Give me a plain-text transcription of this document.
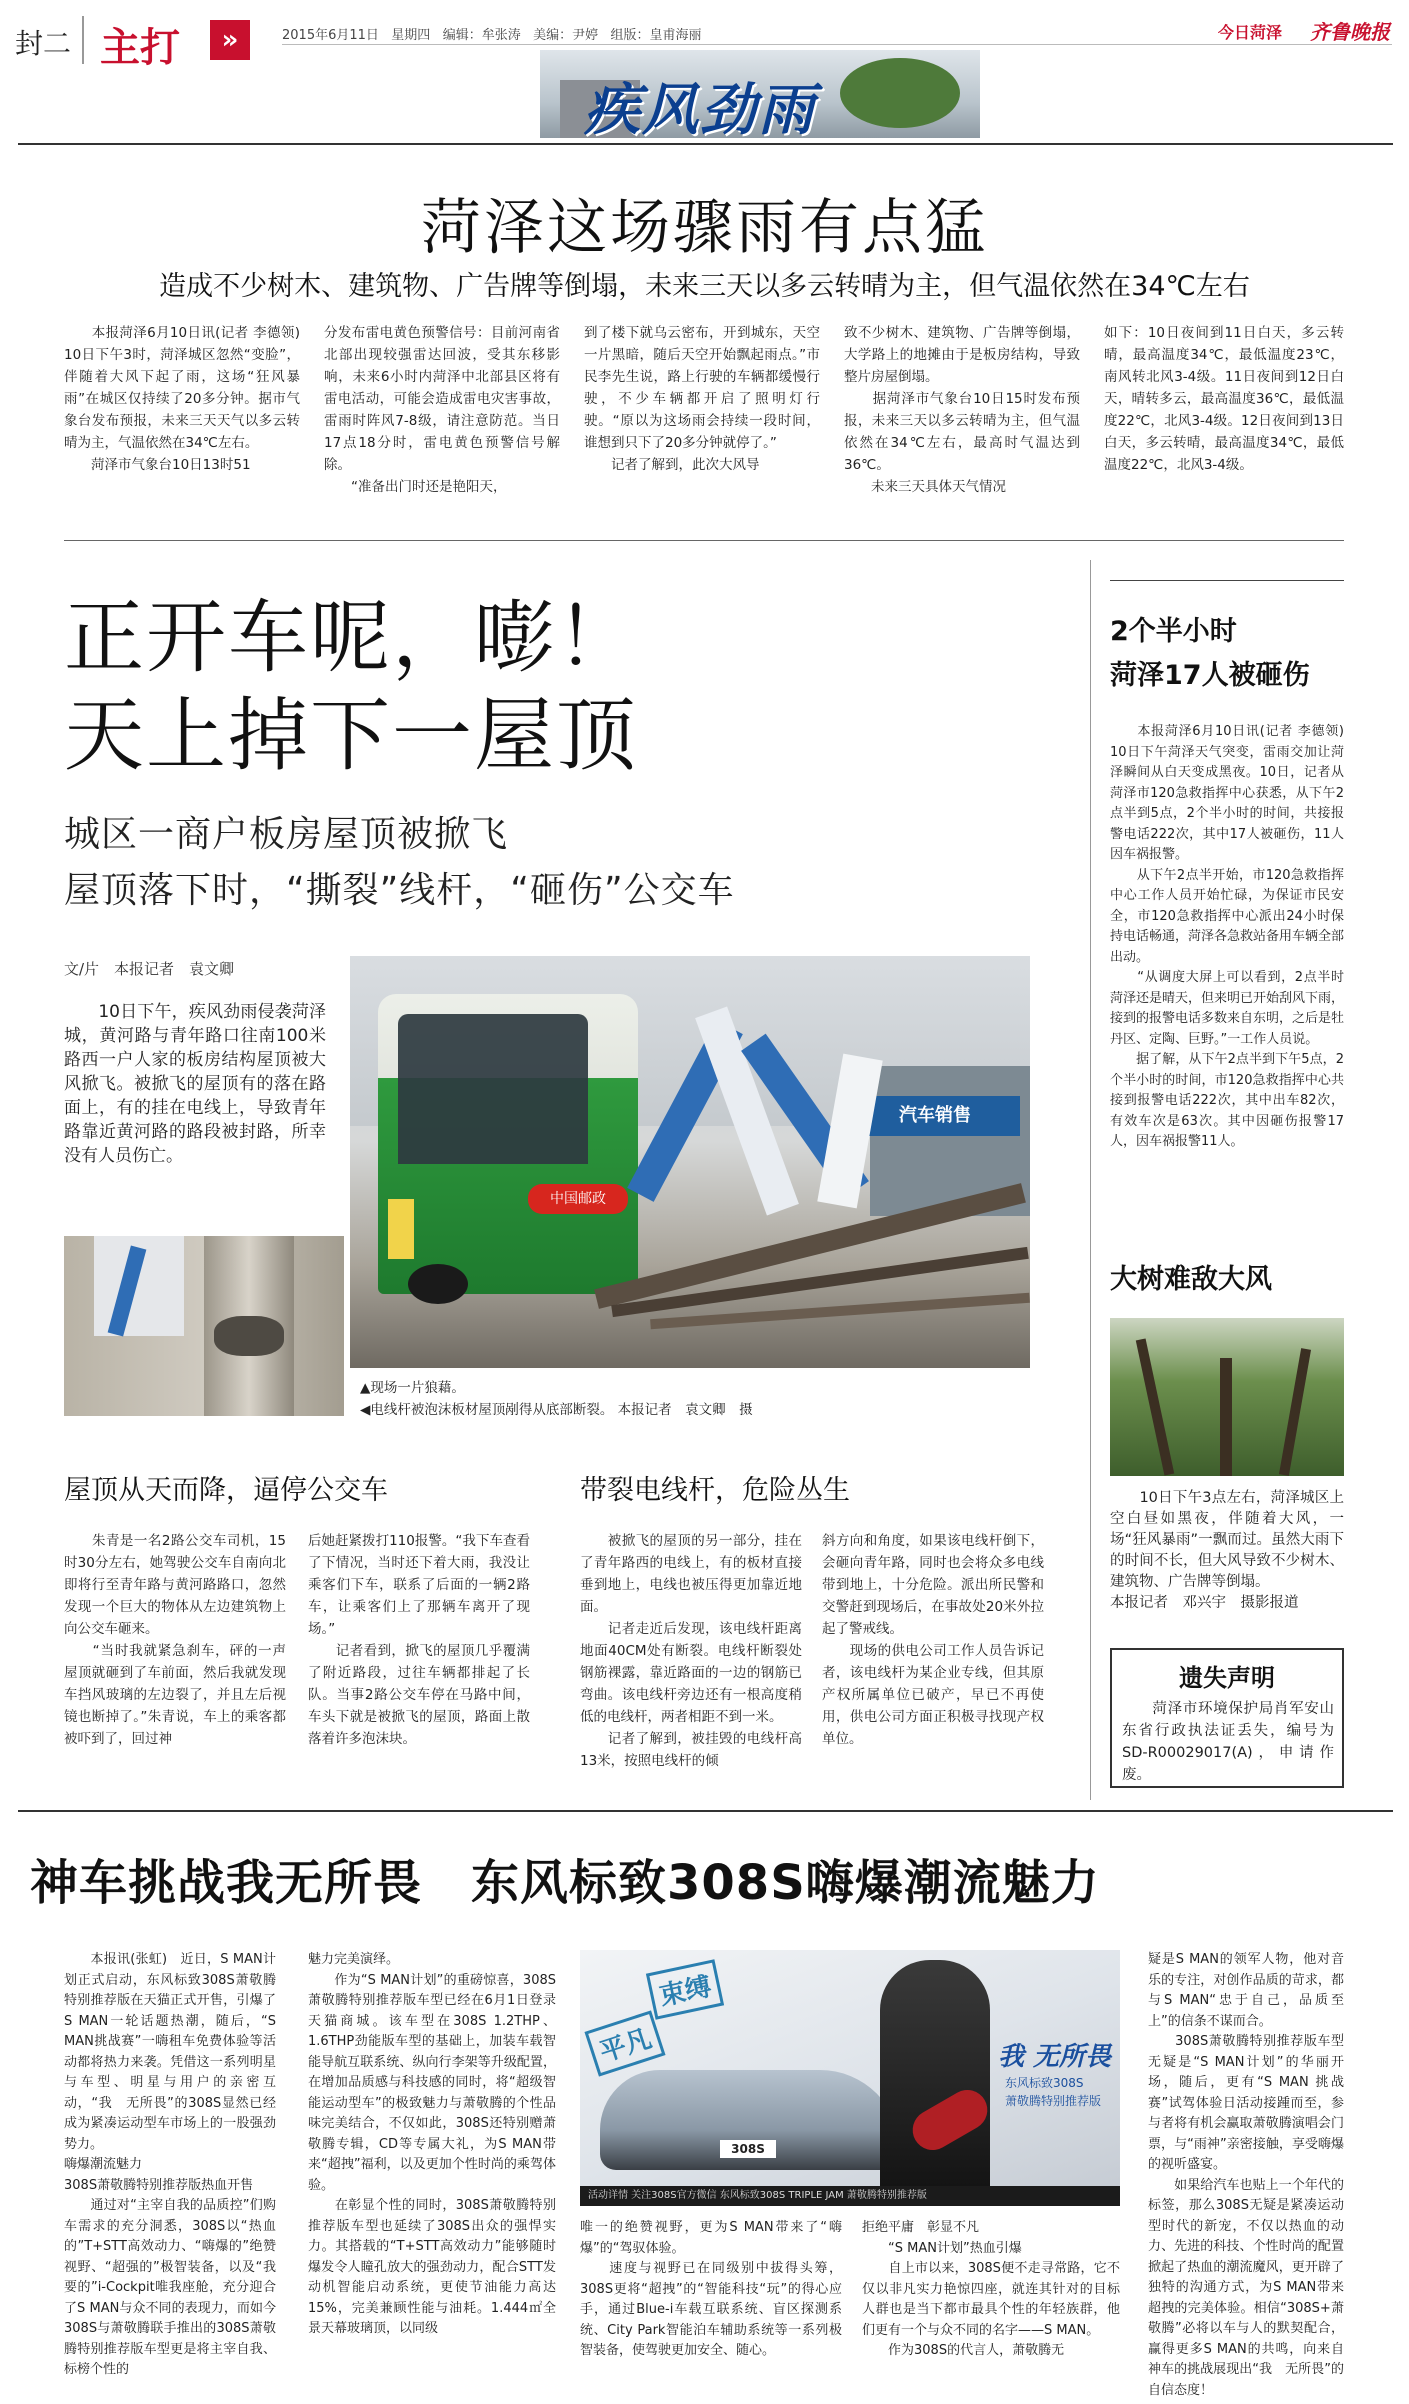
封二 主打	»	2015年6月11日   星期四   编辑：牟张涛   美编：尹婷   组版：皇甫海丽	今日菏泽 齐鲁晚报
疾风劲雨
菏泽这场骤雨有点猛
造成不少树木、建筑物、广告牌等倒塌，未来三天以多云转晴为主，但气温依然在34℃左右
　　本报菏泽6月10日讯(记者 李德领)　10日下午3时，菏泽城区忽然“变脸”，伴随着大风下起了雨，这场“狂风暴雨”在城区仅持续了20多分钟。据市气象台发布预报，未来三天天气以多云转晴为主，气温依然在34℃左右。
　　菏泽市气象台10日13时51
分发布雷电黄色预警信号：目前河南省北部出现较强雷达回波，受其东移影响，未来6小时内菏泽中北部县区将有雷电活动，可能会造成雷电灾害事故，雷雨时阵风7-8级，请注意防范。当日17点18分时，雷电黄色预警信号解除。
　　“准备出门时还是艳阳天，
到了楼下就乌云密布，开到城东，天空一片黑暗，随后天空开始飘起雨点。”市民李先生说，路上行驶的车辆都缓慢行驶，不少车辆都开启了照明灯行驶。“原以为这场雨会持续一段时间，谁想到只下了20多分钟就停了。”
　　记者了解到，此次大风导
致不少树木、建筑物、广告牌等倒塌，大学路上的地摊由于是板房结构，导致整片房屋倒塌。
　　据菏泽市气象台10日15时发布预报，未来三天以多云转晴为主，但气温依然在34℃左右，最高时气温达到36℃。
　　未来三天具体天气情况
如下：10日夜间到11日白天，多云转晴，最高温度34℃，最低温度23℃，南风转北风3-4级。11日夜间到12日白天，晴转多云，最高温度36℃，最低温度22℃，北风3-4级。12日夜间到13日白天，多云转晴，最高温度34℃，最低温度22℃，北风3-4级。
正开车呢，嘭！
天上掉下一屋顶
城区一商户板房屋顶被掀飞
屋顶落下时，“撕裂”线杆，“砸伤”公交车
文/片　本报记者　袁文卿
　　10日下午，疾风劲雨侵袭菏泽城，黄河路与青年路口往南100米路西一户人家的板房结构屋顶被大风掀飞。被掀飞的屋顶有的落在路面上，有的挂在电线上，导致青年路靠近黄河路的路段被封路，所幸没有人员伤亡。
汽车销售
中国邮政
▲现场一片狼藉。
◀电线杆被泡沫板材屋顶剐得从底部断裂。 本报记者　袁文卿　摄
屋顶从天而降，逼停公交车	带裂电线杆，危险丛生
　　朱青是一名2路公交车司机，15时30分左右，她驾驶公交车自南向北即将行至青年路与黄河路路口，忽然发现一个巨大的物体从左边建筑物上向公交车砸来。
　　“当时我就紧急刹车，砰的一声屋顶就砸到了车前面，然后我就发现车挡风玻璃的左边裂了，并且左后视镜也断掉了。”朱青说，车上的乘客都被吓到了，回过神
后她赶紧拨打110报警。“我下车查看了下情况，当时还下着大雨，我没让乘客们下车，联系了后面的一辆2路车，让乘客们上了那辆车离开了现场。”
　　记者看到，掀飞的屋顶几乎覆满了附近路段，过往车辆都排起了长队。当事2路公交车停在马路中间，车头下就是被掀飞的屋顶，路面上散落着许多泡沫块。
　　被掀飞的屋顶的另一部分，挂在了青年路西的电线上，有的板材直接垂到地上，电线也被压得更加靠近地面。
　　记者走近后发现，该电线杆距离地面40CM处有断裂。电线杆断裂处钢筋裸露，靠近路面的一边的钢筋已弯曲。该电线杆旁边还有一根高度稍低的电线杆，两者相距不到一米。
　　记者了解到，被挂毁的电线杆高13米，按照电线杆的倾
斜方向和角度，如果该电线杆倒下，会砸向青年路，同时也会将众多电线带到地上，十分危险。派出所民警和交警赶到现场后，在事故处20米外拉起了警戒线。
　　现场的供电公司工作人员告诉记者，该电线杆为某企业专线，但其原产权所属单位已破产，早已不再使用，供电公司方面正积极寻找现产权单位。
2个半小时
菏泽17人被砸伤
　　本报菏泽6月10日讯(记者 李德领)　10日下午菏泽天气突变，雷雨交加让菏泽瞬间从白天变成黑夜。10日，记者从菏泽市120急救指挥中心获悉，从下午2点半到5点，2个半小时的时间，共接报警电话222次，其中17人被砸伤，11人因车祸报警。
　　从下午2点半开始，市120急救指挥中心工作人员开始忙碌，为保证市民安全，市120急救指挥中心派出24小时保持电话畅通，菏泽各急救站备用车辆全部出动。
　　“从调度大屏上可以看到，2点半时菏泽还是晴天，但来明已开始刮风下雨，接到的报警电话多数来自东明，之后是牡丹区、定陶、巨野。”一工作人员说。
　　据了解，从下午2点半到下午5点，2个半小时的时间，市120急救指挥中心共接到报警电话222次，其中出车82次，有效车次是63次。其中因砸伤报警17人，因车祸报警11人。
大树难敌大风
　　10日下午3点左右，菏泽城区上空白昼如黑夜，伴随着大风，一场“狂风暴雨”一飘而过。虽然大雨下的时间不长，但大风导致不少树木、建筑物、广告牌等倒塌。
本报记者　邓兴宇　摄影报道
遗失声明
　　菏泽市环境保护局肖军安山东省行政执法证丢失，编号为SD-R00029017(A)，申请作废。
神车挑战我无所畏　东风标致308S嗨爆潮流魅力
　　本报讯(张虹)　近日，S MAN计划正式启动，东风标致308S萧敬腾特别推荐版在天猫正式开售，引爆了S MAN一轮话题热潮，随后，“S MAN挑战赛”一嗨租车免费体验等活动都将热力来袭。凭借这一系列明星与车型、明星与用户的亲密互动，“我　无所畏”的308S显然已经成为紧凑运动型车市场上的一股强劲势力。
嗨爆潮流魅力
308S萧敬腾特别推荐版热血开售
　　通过对“主宰自我的品质控”们购车需求的充分洞悉，308S以“热血的”T+STT高效动力、“嗨爆的”绝赞视野、“超强的”极智装备，以及“我要的”i-Cockpit唯我座舱，充分迎合了S MAN与众不同的表现力，而如今308S与萧敬腾联手推出的308S萧敬腾特别推荐版车型更是将主宰自我、标榜个性的
魅力完美演绎。
　　作为“S MAN计划”的重磅惊喜，308S萧敬腾特别推荐版车型已经在6月1日登录天猫商城。该车型在308S 1.2THP、1.6THP劲能版车型的基础上，加装车载智能导航互联系统、纵向行李架等升级配置，在增加品质感与科技感的同时，将“超级智能运动型车”的极致魅力与萧敬腾的个性品味完美结合，不仅如此，308S还特别赠萧敬腾专辑，CD等专属大礼，为S MAN带来“超拽”福利，以及更加个性时尚的乘驾体验。
　　在彰显个性的同时，308S萧敬腾特别推荐版车型也延续了308S出众的强悍实力。其搭载的“T+STT高效动力”能够随时爆发令人瞳孔放大的强劲动力，配合STT发动机智能启动系统，更使节油能力高达15%，完美兼顾性能与油耗。1.444㎡全景天幕玻璃顶，以同级
平凡
束缚
308S
我 无所畏
东风标致308S
萧敬腾特别推荐版
活动详情 关注308S官方微信 东风标致308S TRIPLE JAM 萧敬腾特别推荐版
唯一的绝赞视野，更为S MAN带来了“嗨爆”的“驾驭体验。
　　速度与视野已在同级别中拔得头筹，308S更将“超拽”的“智能科技“玩”的得心应手，通过Blue-i车载互联系统、盲区探测系统、City Park智能泊车辅助系统等一系列极智装备，使驾驶更加安全、随心。
拒绝平庸　彰显不凡
　　“S MAN计划”热血引爆
　　自上市以来，308S便不走寻常路，它不仅以非凡实力艳惊四座，就连其针对的目标人群也是当下都市最具个性的年轻族群，他们更有一个与众不同的名字——S MAN。
　　作为308S的代言人，萧敬腾无
疑是S MAN的领军人物，他对音乐的专注，对创作品质的苛求，都与S MAN“忠于自己，品质至上”的信条不谋而合。
　　308S萧敬腾特别推荐版车型无疑是“S MAN计划”的华丽开场，随后，更有“S MAN 挑战赛”试驾体验日活动接踵而至，参与者将有机会赢取萧敬腾演唱会门票，与“雨神”亲密接触，享受嗨爆的视听盛宴。
　　如果给汽车也贴上一个年代的标签，那么308S无疑是紧凑运动型时代的新宠，不仅以热血的动力、先进的科技、个性时尚的配置掀起了热血的潮流魔风，更开辟了独特的沟通方式，为S MAN带来超拽的完美体验。相信“308S+萧敬腾”必将以车与人的默契配合，赢得更多S MAN的共鸣，向来自神车的挑战展现出“我　无所畏”的自信态度！
